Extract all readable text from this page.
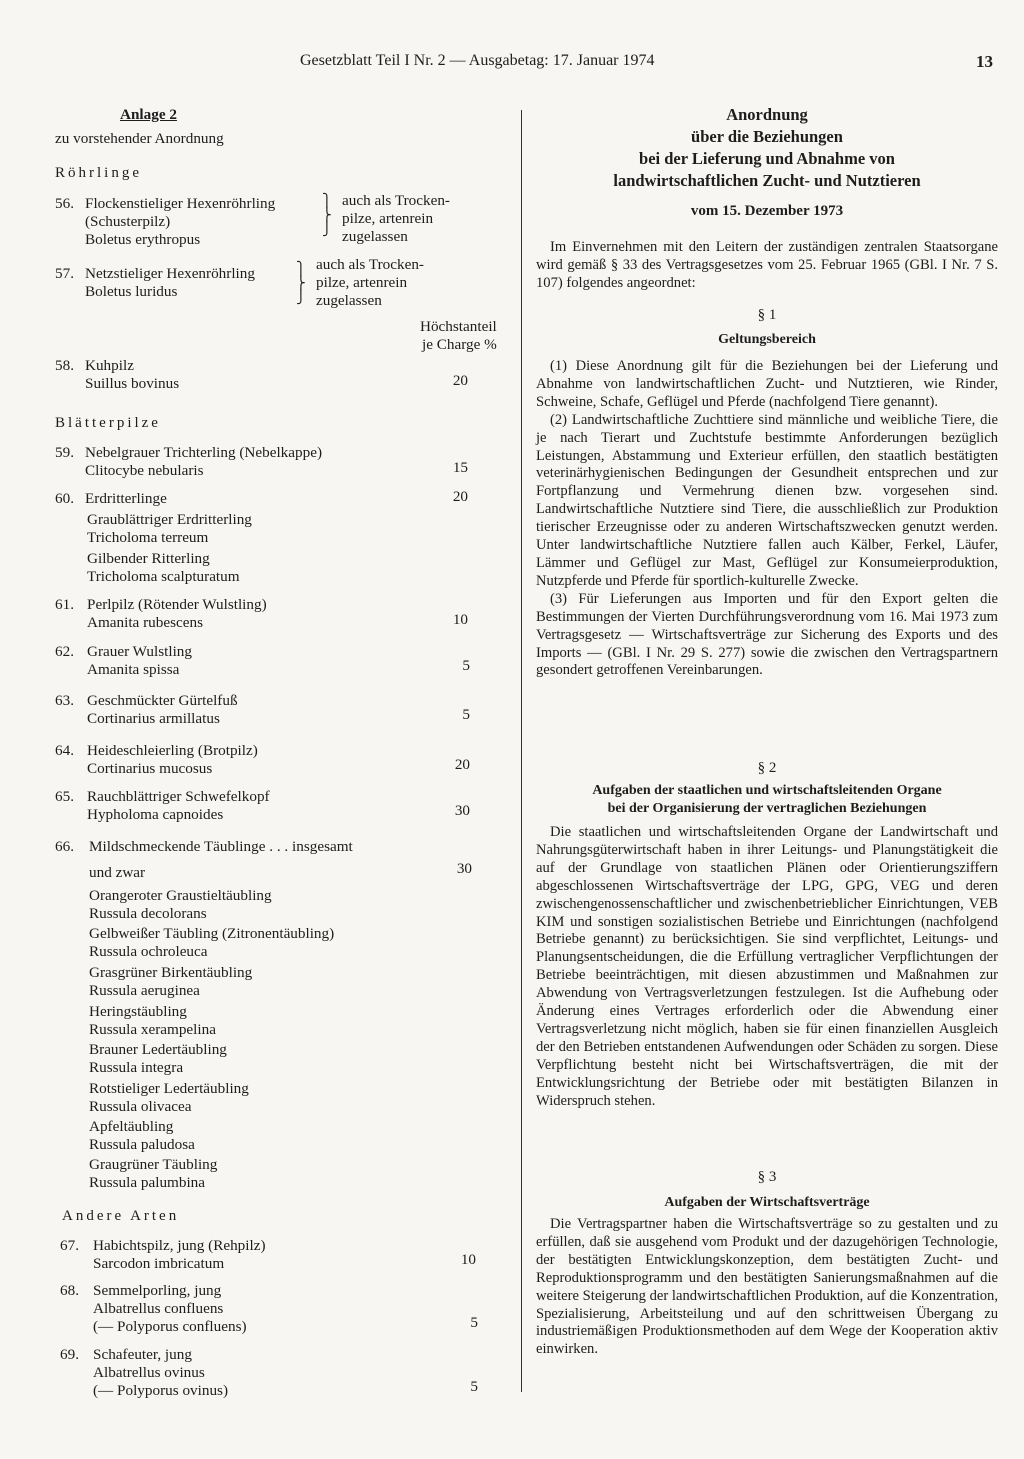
Gesetzblatt Teil I Nr. 2 — Ausgabetag: 17. Januar 1974	13
Anlage 2
zu vorstehender Anordnung
Röhrlinge
56. Flockenstieliger Hexenröhrling
(Schusterpilz)
Boletus erythropus
⎫
⎬
⎭
auch als Trocken-
pilze, artenrein
zugelassen
57. Netzstieliger Hexenröhrling
Boletus luridus
⎫
⎬
⎭
auch als Trocken-
pilze, artenrein
zugelassen
Höchstanteil
je Charge %
58. Kuhpilz
Suillus bovinus	20
Blätterpilze
59. Nebelgrauer Trichterling (Nebelkappe)
Clitocybe nebularis	15
60. Erdritterlinge	20
Graublättriger Erdritterling
Tricholoma terreum
Gilbender Ritterling
Tricholoma scalpturatum
61. Perlpilz (Rötender Wulstling)
Amanita rubescens	10
62. Grauer Wulstling
Amanita spissa	5
63. Geschmückter Gürtelfuß
Cortinarius armillatus	5
64. Heideschleierling (Brotpilz)
Cortinarius mucosus	20
65. Rauchblättriger Schwefelkopf
Hypholoma capnoides	30
66. Mildschmeckende Täublinge . . . insgesamt
und zwar	30
Orangeroter Graustieltäubling
Russula decolorans
Gelbweißer Täubling (Zitronentäubling)
Russula ochroleuca
Grasgrüner Birkentäubling
Russula aeruginea
Heringstäubling
Russula xerampelina
Brauner Ledertäubling
Russula integra
Rotstieliger Ledertäubling
Russula olivacea
Apfeltäubling
Russula paludosa
Graugrüner Täubling
Russula palumbina
Andere Arten
67. Habichtspilz, jung (Rehpilz)
Sarcodon imbricatum	10
68. Semmelporling, jung
Albatrellus confluens
(— Polyporus confluens)	5
69. Schafeuter, jung
Albatrellus ovinus
(— Polyporus ovinus)	5
Anordnung
über die Beziehungen
bei der Lieferung und Abnahme von
landwirtschaftlichen Zucht- und Nutztieren
vom 15. Dezember 1973

Im Einvernehmen mit den Leitern der zuständigen zentralen Staatsorgane wird gemäß § 33 des Vertragsgesetzes vom 25. Februar 1965 (GBl. I Nr. 7 S. 107) folgendes angeordnet:

§ 1
Geltungsbereich

(1) Diese Anordnung gilt für die Beziehungen bei der Lieferung und Abnahme von landwirtschaftlichen Zucht- und Nutztieren, wie Rinder, Schweine, Schafe, Geflügel und Pferde (nachfolgend Tiere genannt).

(2) Landwirtschaftliche Zuchttiere sind männliche und weibliche Tiere, die je nach Tierart und Zuchtstufe bestimmte Anforderungen bezüglich Leistungen, Abstammung und Exterieur erfüllen, den staatlich bestätigten veterinärhygienischen Bedingungen der Gesundheit entsprechen und zur Fortpflanzung und Vermehrung dienen bzw. vorgesehen sind. Landwirtschaftliche Nutztiere sind Tiere, die ausschließlich zur Produktion tierischer Erzeugnisse oder zu anderen Wirtschaftszwecken genutzt werden. Unter landwirtschaftliche Nutztiere fallen auch Kälber, Ferkel, Läufer, Lämmer und Geflügel zur Mast, Geflügel zur Konsumeierproduktion, Nutzpferde und Pferde für sportlich-kulturelle Zwecke.

(3) Für Lieferungen aus Importen und für den Export gelten die Bestimmungen der Vierten Durchführungsverordnung vom 16. Mai 1973 zum Vertragsgesetz — Wirtschaftsverträge zur Sicherung des Exports und des Imports — (GBl. I Nr. 29 S. 277) sowie die zwischen den Vertragspartnern gesondert getroffenen Vereinbarungen.

§ 2
Aufgaben der staatlichen und wirtschaftsleitenden Organe
bei der Organisierung der vertraglichen Beziehungen

Die staatlichen und wirtschaftsleitenden Organe der Landwirtschaft und Nahrungsgüterwirtschaft haben in ihrer Leitungs- und Planungstätigkeit die auf der Grundlage von staatlichen Plänen oder Orientierungsziffern abgeschlossenen Wirtschaftsverträge der LPG, GPG, VEG und deren zwischengenossenschaftlicher und zwischenbetrieblicher Einrichtungen, VEB KIM und sonstigen sozialistischen Betriebe und Einrichtungen (nachfolgend Betriebe genannt) zu berücksichtigen. Sie sind verpflichtet, Leitungs- und Planungsentscheidungen, die die Erfüllung vertraglicher Verpflichtungen der Betriebe beeinträchtigen, mit diesen abzustimmen und Maßnahmen zur Abwendung von Vertragsverletzungen festzulegen. Ist die Aufhebung oder Änderung eines Vertrages erforderlich oder die Abwendung einer Vertragsverletzung nicht möglich, haben sie für einen finanziellen Ausgleich der den Betrieben entstandenen Aufwendungen oder Schäden zu sorgen. Diese Verpflichtung besteht nicht bei Wirtschaftsverträgen, die mit der Entwicklungsrichtung der Betriebe oder mit bestätigten Bilanzen in Widerspruch stehen.

§ 3
Aufgaben der Wirtschaftsverträge

Die Vertragspartner haben die Wirtschaftsverträge so zu gestalten und zu erfüllen, daß sie ausgehend vom Produkt und der dazugehörigen Technologie, der bestätigten Entwicklungskonzeption, dem bestätigten Zucht- und Reproduktionsprogramm und den bestätigten Sanierungsmaßnahmen auf die weitere Steigerung der landwirtschaftlichen Produktion, auf die Konzentration, Spezialisierung, Arbeitsteilung und auf den schrittweisen Übergang zu industriemäßigen Produktionsmethoden auf dem Wege der Kooperation aktiv einwirken.
